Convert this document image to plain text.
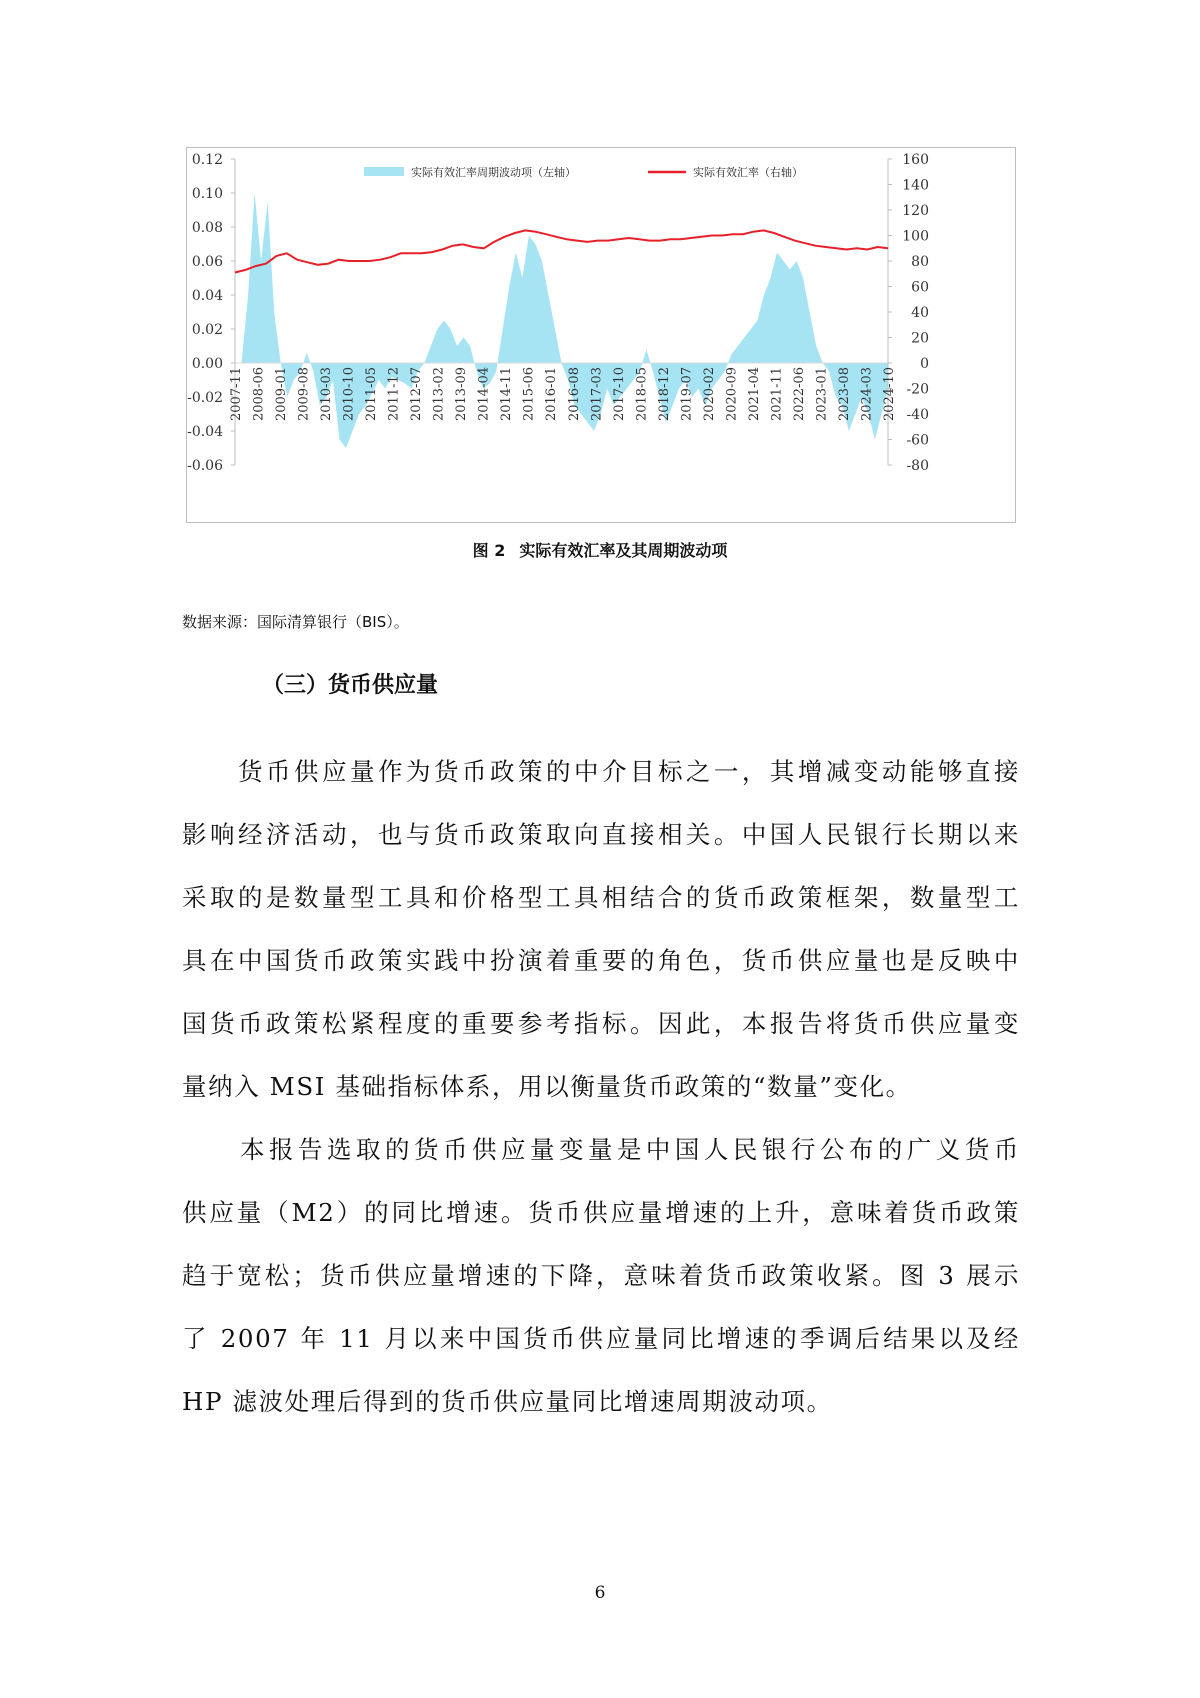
0.12
0.10
0.08
0.06
0.04
0.02
0.00
-0.02
-0.04
-0.06
160
140
120
100
80
60
40
20
0
-20
-40
-60
-80
2007-11 2008-06 2009-01 2009-08 2010-03 2010-10 2011-05 2011-12 2012-07 2013-02 2013-09 2014-04 2014-11 2015-06 2016-01 2016-08 2017-03 2017-10 2018-05 2018-12 2019-07 2020-02 2020-09 2021-04 2021-11 2022-06 2023-01 2023-08 2024-03 2024-10
实际有效汇率周期波动项（左轴）	实际有效汇率（右轴）
图 2 实际有效汇率及其周期波动项
数据来源：国际清算银行（BIS）。
（三）货币供应量
　　货币供应量作为货币政策的中介目标之一，其增减变动能够直接
影响经济活动，也与货币政策取向直接相关。中国人民银行长期以来
采取的是数量型工具和价格型工具相结合的货币政策框架，数量型工
具在中国货币政策实践中扮演着重要的角色，货币供应量也是反映中
国货币政策松紧程度的重要参考指标。因此，本报告将货币供应量变
量纳入 MSI 基础指标体系，用以衡量货币政策的“数量”变化。
　　本报告选取的货币供应量变量是中国人民银行公布的广义货币
供应量（M2）的同比增速。货币供应量增速的上升，意味着货币政策
趋于宽松；货币供应量增速的下降，意味着货币政策收紧。图 3 展示
了 2007 年 11 月以来中国货币供应量同比增速的季调后结果以及经
HP 滤波处理后得到的货币供应量同比增速周期波动项。
6
